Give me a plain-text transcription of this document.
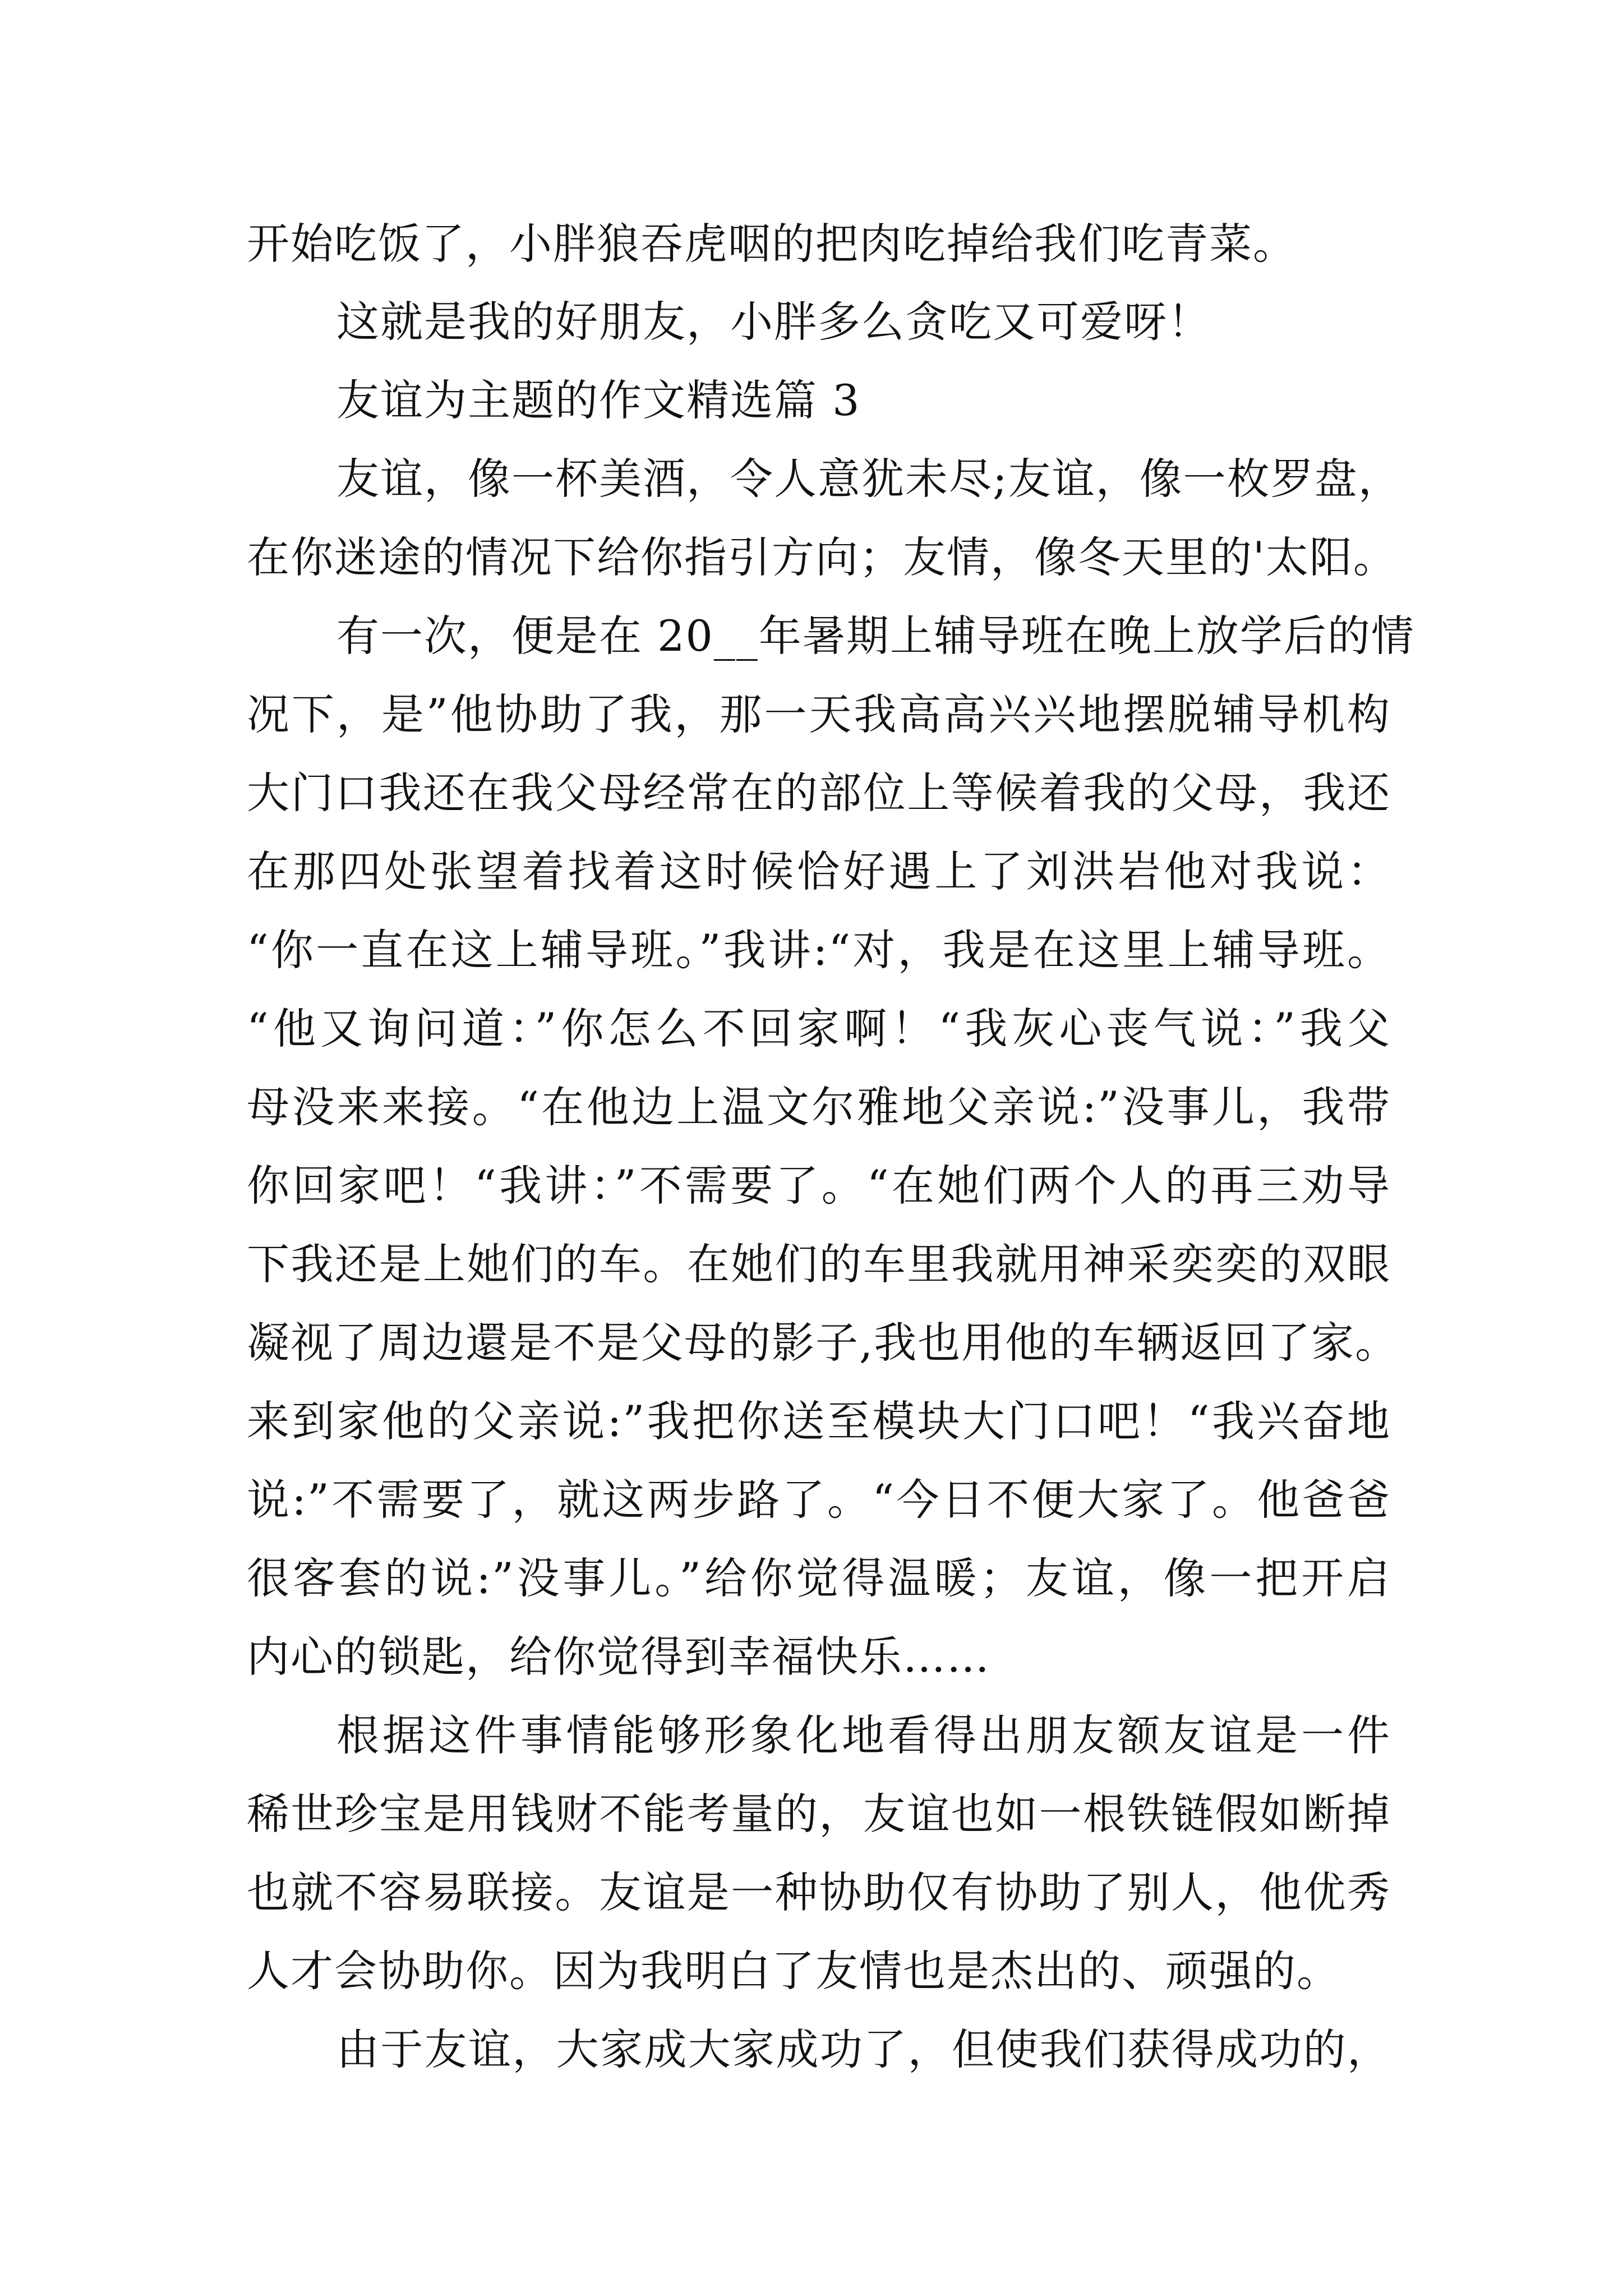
开始吃饭了，小胖狼吞虎咽的把肉吃掉给我们吃青菜。
这就是我的好朋友，小胖多么贪吃又可爱呀！
友谊为主题的作文精选篇 3
友谊，像一杯美酒，令人意犹未尽;友谊，像一枚罗盘，
在你迷途的情况下给你指引方向；友情，像冬天里的'太阳。
有一次，便是在 20__年暑期上辅导班在晚上放学后的情
况下，是”他协助了我，那一天我高高兴兴地摆脱辅导机构
大门口我还在我父母经常在的部位上等候着我的父母，我还
在那四处张望着找着这时候恰好遇上了刘洪岩他对我说：
“你一直在这上辅导班。”我讲:“对，我是在这里上辅导班。
“他又询问道：”你怎么不回家啊！“我灰心丧气说：”我父
母没来来接。“在他边上温文尔雅地父亲说:”没事儿，我带
你回家吧！“我讲：”不需要了。“在她们两个人的再三劝导
下我还是上她们的车。在她们的车里我就用神采奕奕的双眼
凝视了周边還是不是父母的影子,我也用他的车辆返回了家。
来到家他的父亲说:”我把你送至模块大门口吧！“我兴奋地
说:”不需要了，就这两步路了。“今日不便大家了。他爸爸
很客套的说:”没事儿。”给你觉得温暖；友谊，像一把开启
内心的锁匙，给你觉得到幸福快乐……
根据这件事情能够形象化地看得出朋友额友谊是一件
稀世珍宝是用钱财不能考量的，友谊也如一根铁链假如断掉
也就不容易联接。友谊是一种协助仅有协助了别人，他优秀
人才会协助你。因为我明白了友情也是杰出的、顽强的。
由于友谊，大家成大家成功了，但使我们获得成功的，
